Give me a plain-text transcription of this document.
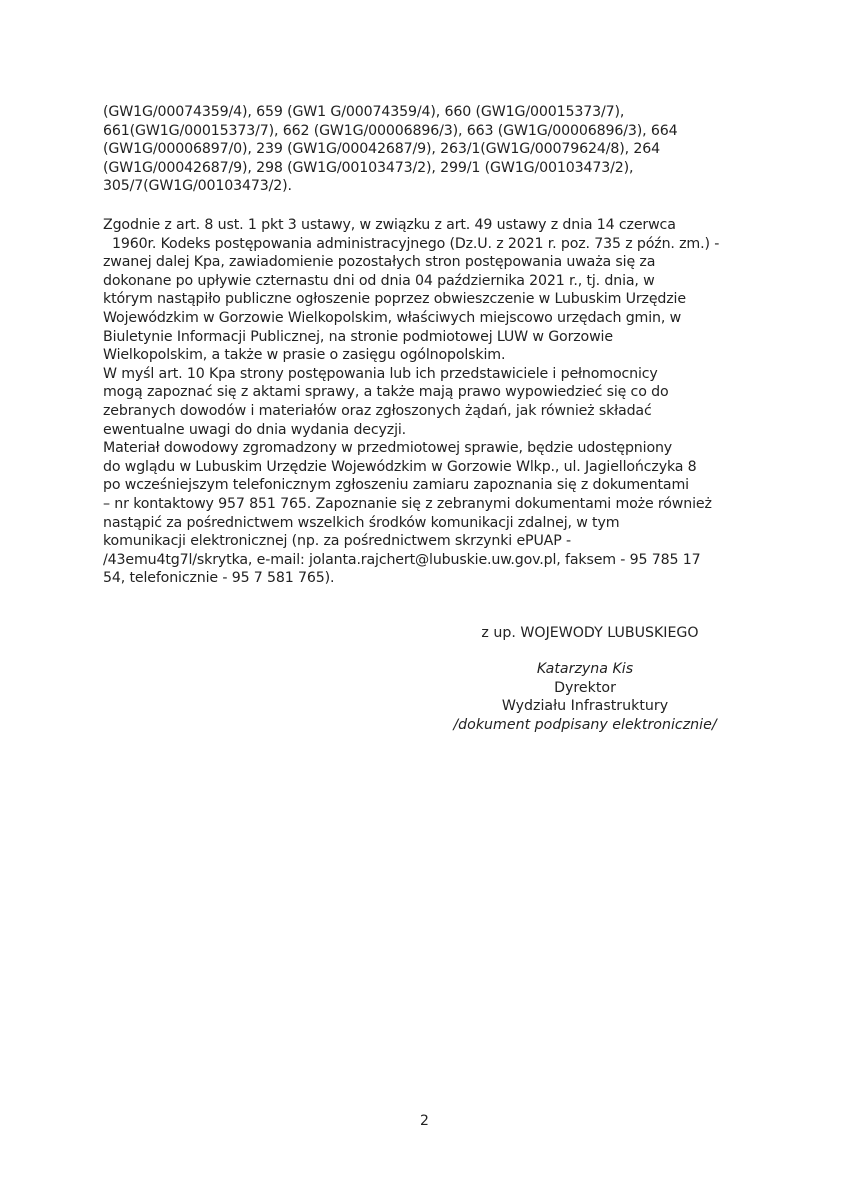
(GW1G/00074359/4), 659 (GW1 G/00074359/4), 660 (GW1G/00015373/7),
661(GW1G/00015373/7), 662 (GW1G/00006896/3), 663 (GW1G/00006896/3), 664
(GW1G/00006897/0), 239 (GW1G/00042687/9), 263/1(GW1G/00079624/8), 264
(GW1G/00042687/9), 298 (GW1G/00103473/2), 299/1 (GW1G/00103473/2),
305/7(GW1G/00103473/2).
Zgodnie z art. 8 ust. 1 pkt 3 ustawy, w związku z art. 49 ustawy z dnia 14 czerwca
1960r. Kodeks postępowania administracyjnego (Dz.U. z 2021 r. poz. 735 z późn. zm.) -
zwanej dalej Kpa, zawiadomienie pozostałych stron postępowania uważa się za
dokonane po upływie czternastu dni od dnia 04 października 2021 r., tj. dnia, w
którym nastąpiło publiczne ogłoszenie poprzez obwieszczenie w Lubuskim Urzędzie
Wojewódzkim w Gorzowie Wielkopolskim, właściwych miejscowo urzędach gmin, w
Biuletynie Informacji Publicznej, na stronie podmiotowej LUW w Gorzowie
Wielkopolskim, a także w prasie o zasięgu ogólnopolskim.
W myśl art. 10 Kpa strony postępowania lub ich przedstawiciele i pełnomocnicy
mogą zapoznać się z aktami sprawy, a także mają prawo wypowiedzieć się co do
zebranych dowodów i materiałów oraz zgłoszonych żądań, jak również składać
ewentualne uwagi do dnia wydania decyzji.
Materiał dowodowy zgromadzony w przedmiotowej sprawie, będzie udostępniony
do wglądu w Lubuskim Urzędzie Wojewódzkim w Gorzowie Wlkp., ul. Jagiellończyka 8
po wcześniejszym telefonicznym zgłoszeniu zamiaru zapoznania się z dokumentami
– nr kontaktowy 957 851 765. Zapoznanie się z zebranymi dokumentami może również
nastąpić za pośrednictwem wszelkich środków komunikacji zdalnej, w tym
komunikacji elektronicznej (np. za pośrednictwem skrzynki ePUAP -
/43emu4tg7l/skrytka, e-mail: jolanta.rajchert@lubuskie.uw.gov.pl, faksem - 95 785 17
54, telefonicznie - 95 7 581 765).
z up. WOJEWODY LUBUSKIEGO
Katarzyna Kis
Dyrektor
Wydziału Infrastruktury
/dokument podpisany elektronicznie/
2
